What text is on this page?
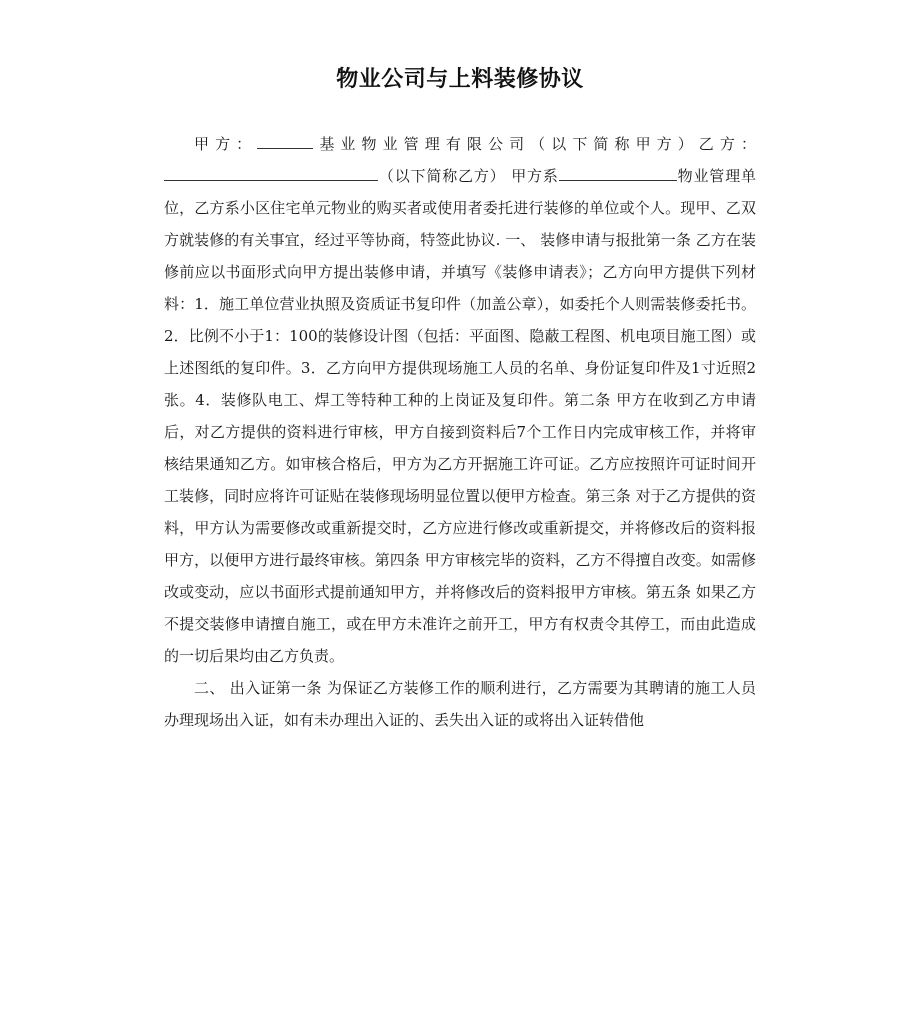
物业公司与上料装修协议

甲方：	基业物业管理有限公司（以下简称甲方）乙方：（以下简称乙方） 甲方系	物业管理单位，乙方系小区住宅单元物业的购买者或使用者委托进行装修的单位或个人。现甲、乙双方就装修的有关事宜，经过平等协商，特签此协议. 一、 装修申请与报批第一条 乙方在装修前应以书面形式向甲方提出装修申请，并填写《装修申请表》；乙方向甲方提供下列材料：1．施工单位营业执照及资质证书复印件（加盖公章），如委托个人则需装修委托书。2．比例不小于1：100的装修设计图（包括：平面图、隐蔽工程图、机电项目施工图）或上述图纸的复印件。3．乙方向甲方提供现场施工人员的名单、身份证复印件及1寸近照2张。4．装修队电工、焊工等特种工种的上岗证及复印件。第二条 甲方在收到乙方申请后，对乙方提供的资料进行审核，甲方自接到资料后7个工作日内完成审核工作，并将审核结果通知乙方。如审核合格后，甲方为乙方开据施工许可证。乙方应按照许可证时间开工装修，同时应将许可证贴在装修现场明显位置以便甲方检查。第三条 对于乙方提供的资料，甲方认为需要修改或重新提交时，乙方应进行修改或重新提交，并将修改后的资料报甲方，以便甲方进行最终审核。第四条 甲方审核完毕的资料，乙方不得擅自改变。如需修改或变动，应以书面形式提前通知甲方，并将修改后的资料报甲方审核。第五条 如果乙方不提交装修申请擅自施工，或在甲方未准许之前开工，甲方有权责令其停工，而由此造成的一切后果均由乙方负责。

二、 出入证第一条 为保证乙方装修工作的顺利进行，乙方需要为其聘请的施工人员办理现场出入证，如有未办理出入证的、丢失出入证的或将出入证转借他
